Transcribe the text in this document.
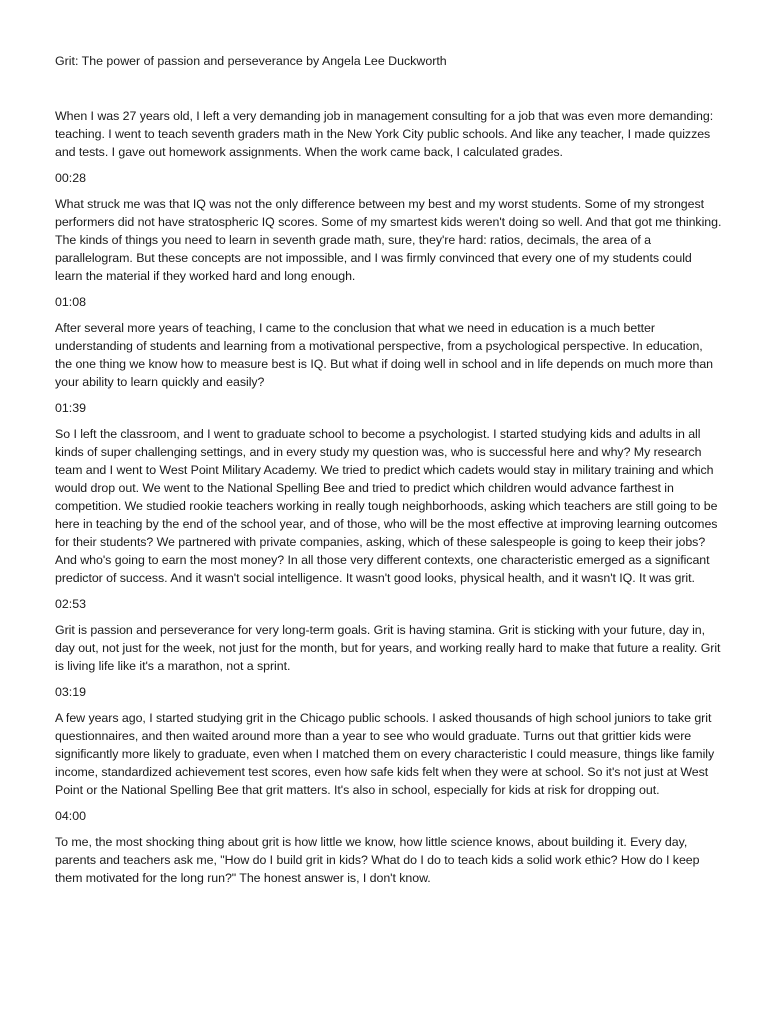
Grit: The power of passion and perseverance by Angela Lee Duckworth

When I was 27 years old, I left a very demanding job in management consulting for a job that was even more demanding: teaching. I went to teach seventh graders math in the New York City public schools. And like any teacher, I made quizzes and tests. I gave out homework assignments. When the work came back, I calculated grades.

00:28

What struck me was that IQ was not the only difference between my best and my worst students. Some of my strongest performers did not have stratospheric IQ scores. Some of my smartest kids weren't doing so well. And that got me thinking. The kinds of things you need to learn in seventh grade math, sure, they're hard: ratios, decimals, the area of a parallelogram. But these concepts are not impossible, and I was firmly convinced that every one of my students could learn the material if they worked hard and long enough.

01:08

After several more years of teaching, I came to the conclusion that what we need in education is a much better understanding of students and learning from a motivational perspective, from a psychological perspective. In education, the one thing we know how to measure best is IQ. But what if doing well in school and in life depends on much more than your ability to learn quickly and easily?

01:39

So I left the classroom, and I went to graduate school to become a psychologist. I started studying kids and adults in all kinds of super challenging settings, and in every study my question was, who is successful here and why? My research team and I went to West Point Military Academy. We tried to predict which cadets would stay in military training and which would drop out. We went to the National Spelling Bee and tried to predict which children would advance farthest in competition. We studied rookie teachers working in really tough neighborhoods, asking which teachers are still going to be here in teaching by the end of the school year, and of those, who will be the most effective at improving learning outcomes for their students? We partnered with private companies, asking, which of these salespeople is going to keep their jobs? And who's going to earn the most money? In all those very different contexts, one characteristic emerged as a significant predictor of success. And it wasn't social intelligence. It wasn't good looks, physical health, and it wasn't IQ. It was grit.

02:53

Grit is passion and perseverance for very long-term goals. Grit is having stamina. Grit is sticking with your future, day in, day out, not just for the week, not just for the month, but for years, and working really hard to make that future a reality. Grit is living life like it's a marathon, not a sprint.

03:19

A few years ago, I started studying grit in the Chicago public schools. I asked thousands of high school juniors to take grit questionnaires, and then waited around more than a year to see who would graduate. Turns out that grittier kids were significantly more likely to graduate, even when I matched them on every characteristic I could measure, things like family income, standardized achievement test scores, even how safe kids felt when they were at school. So it's not just at West Point or the National Spelling Bee that grit matters. It's also in school, especially for kids at risk for dropping out.

04:00

To me, the most shocking thing about grit is how little we know, how little science knows, about building it. Every day, parents and teachers ask me, "How do I build grit in kids? What do I do to teach kids a solid work ethic? How do I keep them motivated for the long run?" The honest answer is, I don't know.
